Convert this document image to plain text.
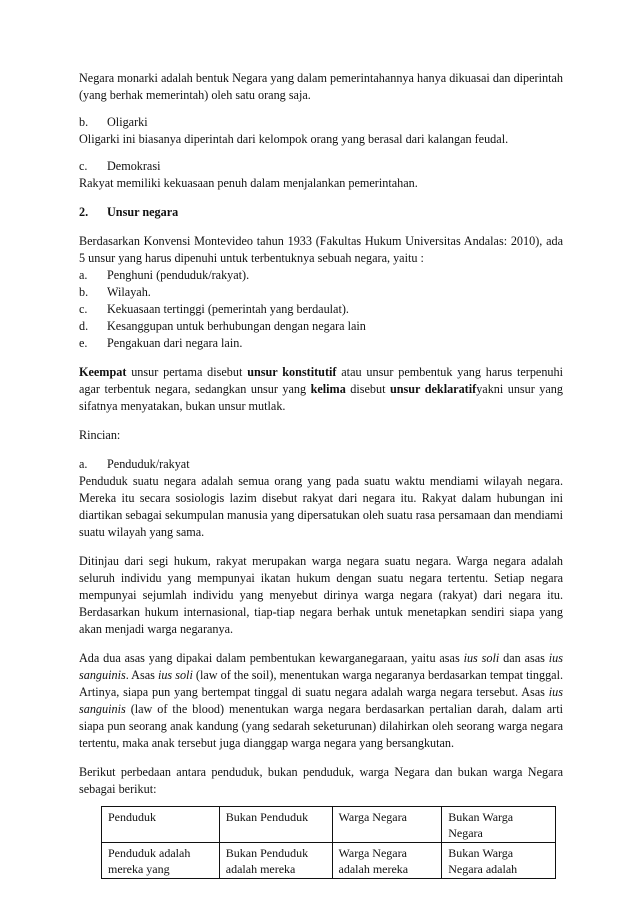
Negara monarki adalah bentuk Negara yang dalam pemerintahannya hanya dikuasai dan diperintah (yang berhak memerintah) oleh satu orang saja.

b.	Oligarki

Oligarki ini biasanya diperintah dari kelompok orang yang berasal dari kalangan feudal.

c.	Demokrasi

Rakyat memiliki kekuasaan penuh dalam menjalankan pemerintahan.

2.	Unsur negara

Berdasarkan Konvensi Montevideo tahun 1933 (Fakultas Hukum Universitas Andalas: 2010), ada 5 unsur yang harus dipenuhi untuk terbentuknya sebuah negara, yaitu :

a.	Penghuni (penduduk/rakyat).
b.	Wilayah.
c.	Kekuasaan tertinggi (pemerintah yang berdaulat).
d.	Kesanggupan untuk berhubungan dengan negara lain
e.	Pengakuan dari negara lain.

Keempat unsur pertama disebut unsur konstitutif atau unsur pembentuk yang harus terpenuhi agar terbentuk negara, sedangkan unsur yang kelima disebut unsur deklaratifyakni unsur yang sifatnya menyatakan, bukan unsur mutlak.

Rincian:

a.	Penduduk/rakyat

Penduduk suatu negara adalah semua orang yang pada suatu waktu mendiami wilayah negara. Mereka itu secara sosiologis lazim disebut rakyat dari negara itu. Rakyat dalam hubungan ini diartikan sebagai sekumpulan manusia yang dipersatukan oleh suatu rasa persamaan dan mendiami suatu wilayah yang sama.

Ditinjau dari segi hukum, rakyat merupakan warga negara suatu negara. Warga negara adalah seluruh individu yang mempunyai ikatan hukum dengan suatu negara tertentu. Setiap negara mempunyai sejumlah individu yang menyebut dirinya warga negara (rakyat) dari negara itu. Berdasarkan hukum internasional, tiap-tiap negara berhak untuk menetapkan sendiri siapa yang akan menjadi warga negaranya.

Ada dua asas yang dipakai dalam pembentukan kewarganegaraan, yaitu asas ius soli dan asas ius sanguinis. Asas ius soli (law of the soil), menentukan warga negaranya berdasarkan tempat tinggal. Artinya, siapa pun yang bertempat tinggal di suatu negara adalah warga negara tersebut. Asas ius sanguinis (law of the blood) menentukan warga negara berdasarkan pertalian darah, dalam arti siapa pun seorang anak kandung (yang sedarah seketurunan) dilahirkan oleh seorang warga negara tertentu, maka anak tersebut juga dianggap warga negara yang bersangkutan.

Berikut perbedaan antara penduduk, bukan penduduk, warga Negara dan bukan warga Negara sebagai berikut:

Penduduk	Bukan Penduduk	Warga Negara	Bukan Warga Negara
Penduduk adalah mereka yang	Bukan Penduduk adalah mereka	Warga Negara adalah mereka	Bukan Warga Negara adalah
